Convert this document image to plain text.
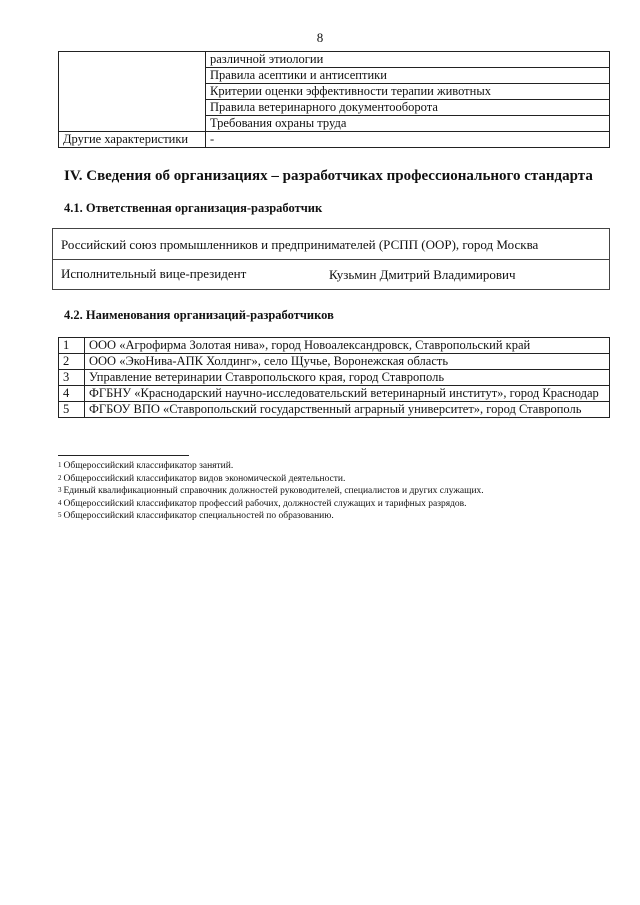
8
	различной этиологии
	Правила асептики и антисептики
	Критерии оценки эффективности терапии животных
	Правила ветеринарного документооборота
	Требования охраны труда
Другие характеристики	-
IV. Сведения об организациях – разработчиках профессионального стандарта
4.1. Ответственная организация-разработчик
Российский союз промышленников и предпринимателей (РСПП (ООР), город Москва
Исполнительный вице-президент	Кузьмин Дмитрий Владимирович
4.2. Наименования организаций-разработчиков
1	ООО «Агрофирма Золотая нива», город Новоалександровск, Ставропольский край
2	ООО «ЭкоНива-АПК Холдинг», село Щучье, Воронежская область
3	Управление ветеринарии Ставропольского края, город Ставрополь
4	ФГБНУ «Краснодарский научно-исследовательский ветеринарный институт», город Краснодар
5	ФГБОУ ВПО «Ставропольский государственный аграрный университет», город Ставрополь
$^1$ Общероссийский классификатор занятий.
$^2$ Общероссийский классификатор видов экономической деятельности.
$^3$ Единый квалификационный справочник должностей руководителей, специалистов и других служащих.
$^4$ Общероссийский классификатор профессий рабочих, должностей служащих и тарифных разрядов.
$^5$ Общероссийский классификатор специальностей по образованию.
